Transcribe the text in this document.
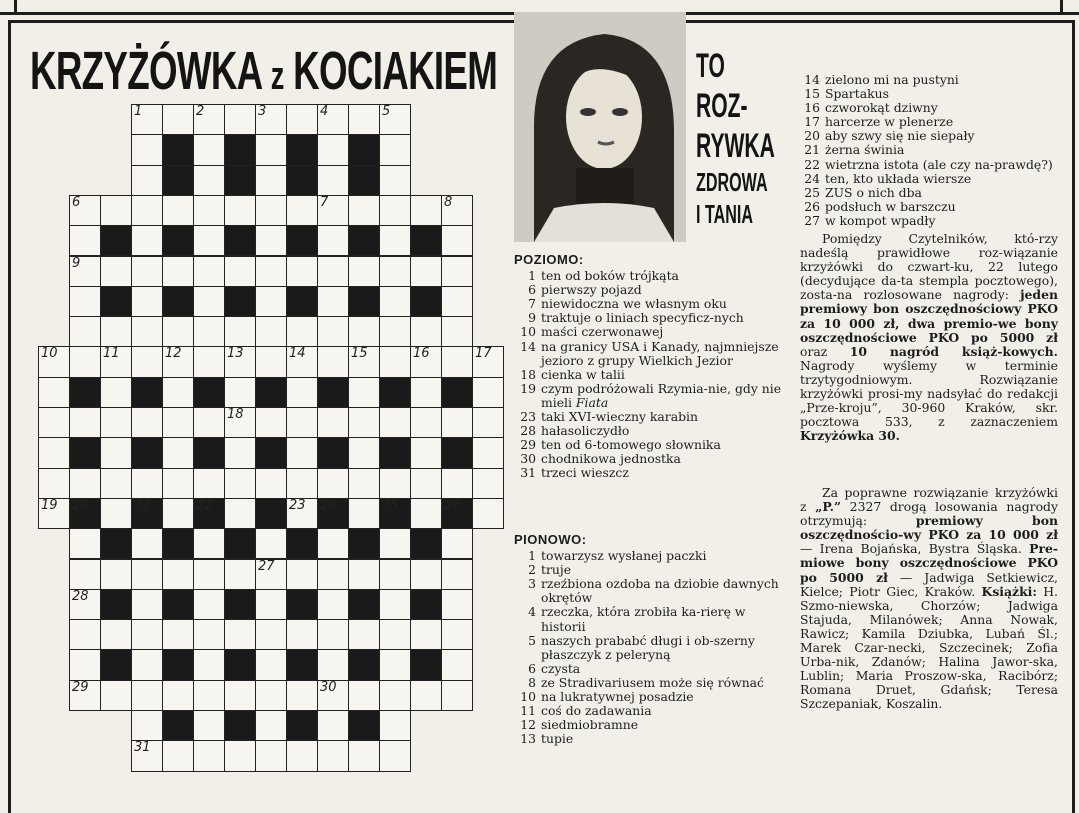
KRZYŻÓWKA z KOCIAKIEM
1	2	3	4	5
6	7	8
9
10	11	12	13	14	15	16	17
18
19 20	21	22	23 24	25	26
27
28
29	30
31
TO
ROZ-
RYWKA
ZDROWA
I TANIA
POZIOMO:
1 ten od boków trójkąta
6 pierwszy pojazd
7 niewidoczna we własnym oku
9 traktuje o liniach specyficz-nych
10 maści czerwonawej
14 na granicy USA i Kanady, najmniejsze jezioro z grupy Wielkich Jezior
18 cienka w talii
19 czym podróżowali Rzymia-nie, gdy nie mieli Fiata
23 taki XVI-wieczny karabin
28 hałasoliczydło
29 ten od 6-tomowego słownika
30 chodnikowa jednostka
31 trzeci wieszcz
PIONOWO:
1 towarzysz wysłanej paczki
2 truje
3 rzeźbiona ozdoba na dziobie dawnych okrętów
4 rzeczka, która zrobiła ka-rierę w historii
5 naszych prababć długi i ob-szerny płaszczyk z peleryną
6 czysta
8 ze Stradivariusem może się równać
10 na lukratywnej posadzie
11 coś do zadawania
12 siedmiobramne
13 tupie
14 zielono mi na pustyni
15 Spartakus
16 czworokąt dziwny
17 harcerze w plenerze
20 aby szwy się nie siepały
21 żerna świnia
22 wietrzna istota (ale czy na-prawdę?)
24 ten, kto układa wiersze
25 ZUS o nich dba
26 podsłuch w barszczu
27 w kompot wpadły
Pomiędzy Czytelników, któ-rzy nadeślą prawidłowe roz-wiązanie krzyżówki do czwart-ku, 22 lutego (decydujące da-ta stempla pocztowego), zosta-na rozlosowane nagrody: jeden premiowy bon oszczędnościowy PKO za 10 000 zł, dwa premio-we bony oszczędnościowe PKO po 5000 zł oraz 10 nagród książ-kowych. Nagrody wyślemy w terminie trzytygodniowym. Rozwiązanie krzyżówki prosi-my nadsyłać do redakcji „Prze-kroju”, 30-960 Kraków, skr. pocztowa 533, z zaznaczeniem Krzyżówka 30.
Za poprawne rozwiązanie krzyżówki z „P.” 2327 drogą losowania nagrody otrzymują: premiowy bon oszczędnościo-wy PKO za 10 000 zł — Irena Bojańska, Bystra Śląska. Pre-miowe bony oszczędnościowe PKO po 5000 zł — Jadwiga Setkiewicz, Kielce; Piotr Giec, Kraków. Książki: H. Szmo-niewska, Chorzów; Jadwiga Stajuda, Milanówek; Anna Nowak, Rawicz; Kamila Dziubka, Lubań Śl.; Marek Czar-necki, Szczecinek; Zofia Urba-nik, Zdanów; Halina Jawor-ska, Lublin; Maria Proszow-ska, Racibórz; Romana Druet, Gdańsk; Teresa Szczepaniak, Koszalin.
